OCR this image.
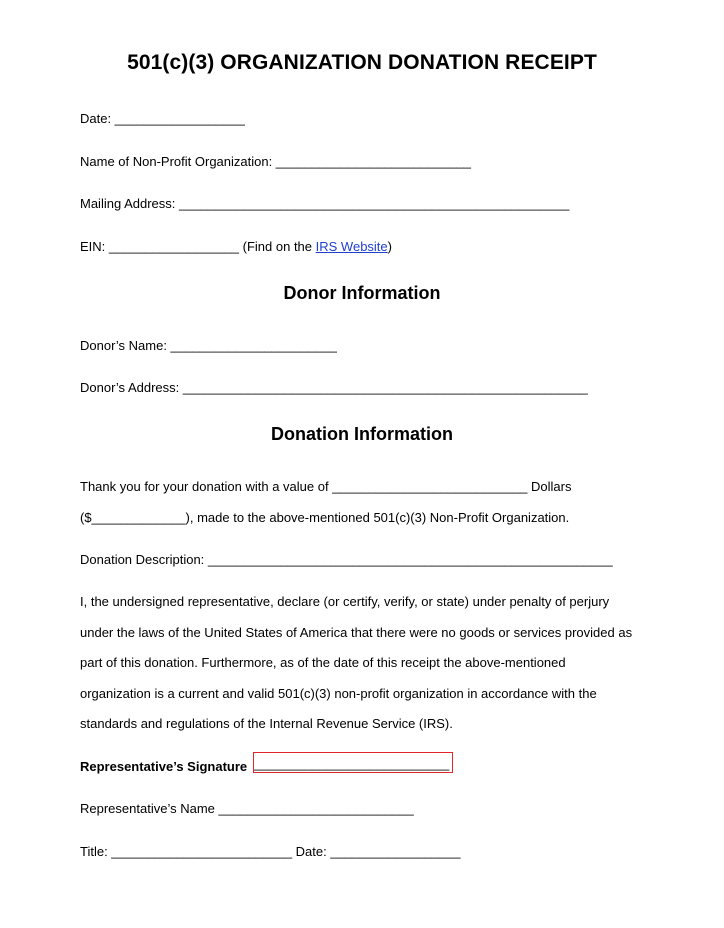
501(c)(3) ORGANIZATION DONATION RECEIPT
Date: __________________
Name of Non-Profit Organization: ___________________________
Mailing Address: ______________________________________________________
EIN: __________________ (Find on the IRS Website)
Donor Information
Donor’s Name: _______________________
Donor’s Address: ________________________________________________________
Donation Information
Thank you for your donation with a value of ___________________________ Dollars
($_____________), made to the above-mentioned 501(c)(3) Non-Profit Organization.
Donation Description: ________________________________________________________
I, the undersigned representative, declare (or certify, verify, or state) under penalty of perjury
under the laws of the United States of America that there were no goods or services provided as
part of this donation. Furthermore, as of the date of this receipt the above-mentioned
organization is a current and valid 501(c)(3) non-profit organization in accordance with the
standards and regulations of the Internal Revenue Service (IRS).
Representative’s Signature ___________________________
Representative’s Name ___________________________
Title: _________________________ Date: __________________
